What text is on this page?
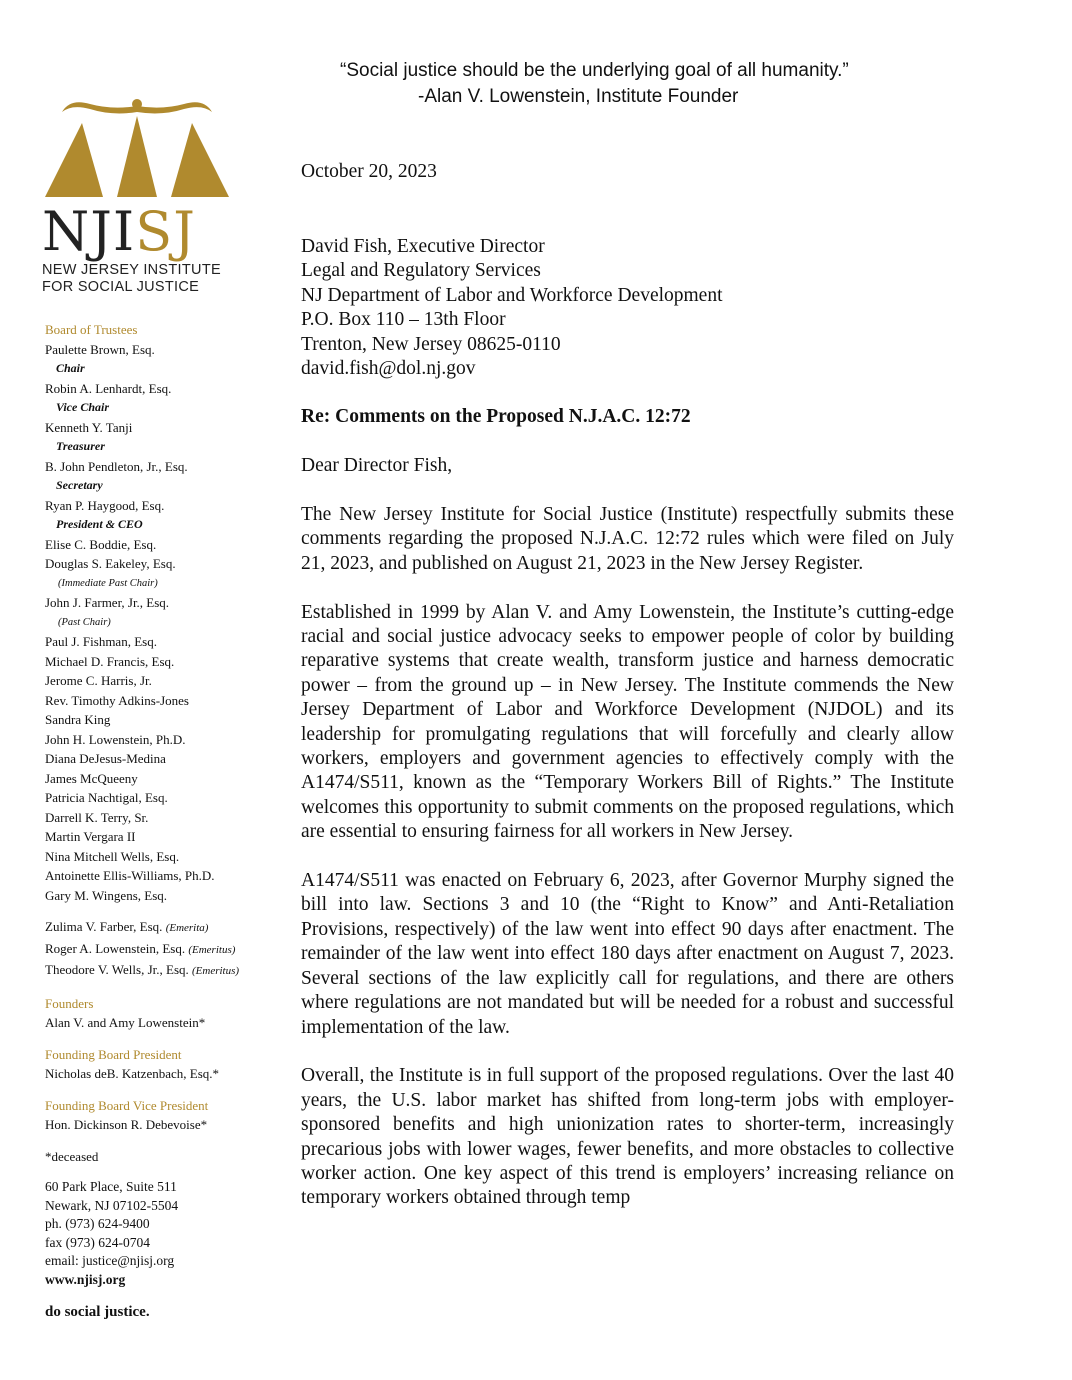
“Social justice should be the underlying goal of all humanity.”
-Alan V. Lowenstein, Institute Founder
NJISJ
NEW JERSEY INSTITUTE
FOR SOCIAL JUSTICE
Board of Trustees
Paulette Brown, Esq.
Chair
Robin A. Lenhardt, Esq.
Vice Chair
Kenneth Y. Tanji
Treasurer
B. John Pendleton, Jr., Esq.
Secretary
Ryan P. Haygood, Esq.
President & CEO
Elise C. Boddie, Esq.
Douglas S. Eakeley, Esq.
(Immediate Past Chair)
John J. Farmer, Jr., Esq.
(Past Chair)
Paul J. Fishman, Esq.
Michael D. Francis, Esq.
Jerome C. Harris, Jr.
Rev. Timothy Adkins-Jones
Sandra King
John H. Lowenstein, Ph.D.
Diana DeJesus-Medina
James McQueeny
Patricia Nachtigal, Esq.
Darrell K. Terry, Sr.
Martin Vergara II
Nina Mitchell Wells, Esq.
Antoinette Ellis-Williams, Ph.D.
Gary M. Wingens, Esq.
Zulima V. Farber, Esq. (Emerita)
Roger A. Lowenstein, Esq. (Emeritus)
Theodore V. Wells, Jr., Esq. (Emeritus)
Founders
Alan V. and Amy Lowenstein*
Founding Board President
Nicholas deB. Katzenbach, Esq.*
Founding Board Vice President
Hon. Dickinson R. Debevoise*
*deceased
60 Park Place, Suite 511
Newark, NJ 07102-5504
ph. (973) 624-9400
fax (973) 624-0704
email: justice@njisj.org
www.njisj.org
do social justice.
October 20, 2023
David Fish, Executive Director
Legal and Regulatory Services
NJ Department of Labor and Workforce Development
P.O. Box 110 – 13th Floor
Trenton, New Jersey 08625-0110
david.fish@dol.nj.gov
Re: Comments on the Proposed N.J.A.C. 12:72
Dear Director Fish,

The New Jersey Institute for Social Justice (Institute) respectfully submits these comments regarding the proposed N.J.A.C. 12:72 rules which were filed on July 21, 2023, and published on August 21, 2023 in the New Jersey Register.

Established in 1999 by Alan V. and Amy Lowenstein, the Institute’s cutting-edge racial and social justice advocacy seeks to empower people of color by building reparative systems that create wealth, transform justice and harness democratic power – from the ground up – in New Jersey. The Institute commends the New Jersey Department of Labor and Workforce Development (NJDOL) and its leadership for promulgating regulations that will forcefully and clearly allow workers, employers and government agencies to effectively comply with the A1474/S511, known as the “Temporary Workers Bill of Rights.” The Institute welcomes this opportunity to submit comments on the proposed regulations, which are essential to ensuring fairness for all workers in New Jersey.

A1474/S511 was enacted on February 6, 2023, after Governor Murphy signed the bill into law. Sections 3 and 10 (the “Right to Know” and Anti-Retaliation Provisions, respectively) of the law went into effect 90 days after enactment. The remainder of the law went into effect 180 days after enactment on August 7, 2023. Several sections of the law explicitly call for regulations, and there are others where regulations are not mandated but will be needed for a robust and successful implementation of the law.

Overall, the Institute is in full support of the proposed regulations. Over the last 40 years, the U.S. labor market has shifted from long-term jobs with employer-sponsored benefits and high unionization rates to shorter-term, increasingly precarious jobs with lower wages, fewer benefits, and more obstacles to collective worker action. One key aspect of this trend is employers’ increasing reliance on temporary workers obtained through temp
